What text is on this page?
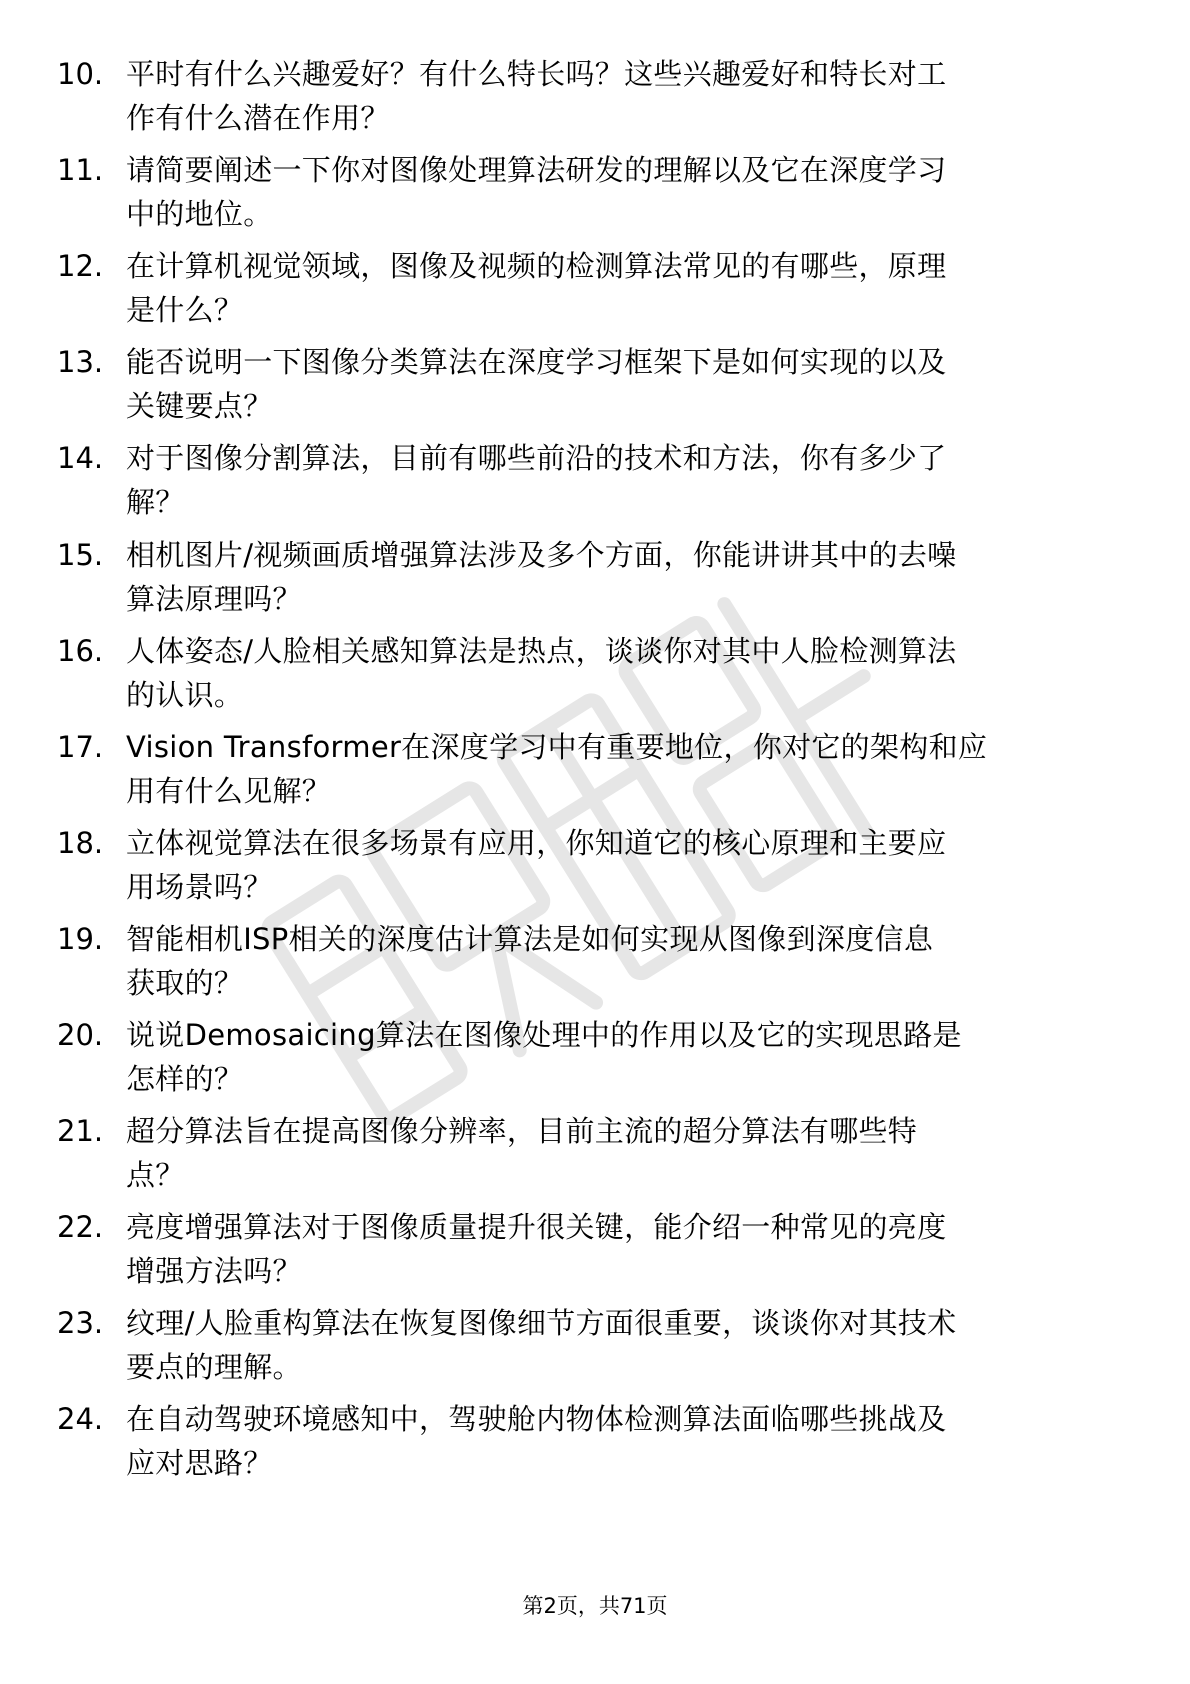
10. 平时有什么兴趣爱好？有什么特长吗？这些兴趣爱好和特长对工
作有什么潜在作用？
11. 请简要阐述一下你对图像处理算法研发的理解以及它在深度学习
中的地位。
12. 在计算机视觉领域，图像及视频的检测算法常见的有哪些，原理
是什么？
13. 能否说明一下图像分类算法在深度学习框架下是如何实现的以及
关键要点？
14. 对于图像分割算法，目前有哪些前沿的技术和方法，你有多少了
解？
15. 相机图片/视频画质增强算法涉及多个方面，你能讲讲其中的去噪
算法原理吗？
16. 人体姿态/人脸相关感知算法是热点，谈谈你对其中人脸检测算法
的认识。
17. Vision Transformer在深度学习中有重要地位，你对它的架构和应
用有什么见解？
18. 立体视觉算法在很多场景有应用，你知道它的核心原理和主要应
用场景吗？
19. 智能相机ISP相关的深度估计算法是如何实现从图像到深度信息
获取的？
20. 说说Demosaicing算法在图像处理中的作用以及它的实现思路是
怎样的？
21. 超分算法旨在提高图像分辨率，目前主流的超分算法有哪些特
点？
22. 亮度增强算法对于图像质量提升很关键，能介绍一种常见的亮度
增强方法吗？
23. 纹理/人脸重构算法在恢复图像细节方面很重要，谈谈你对其技术
要点的理解。
24. 在自动驾驶环境感知中，驾驶舱内物体检测算法面临哪些挑战及
应对思路？
第2页，共71页
